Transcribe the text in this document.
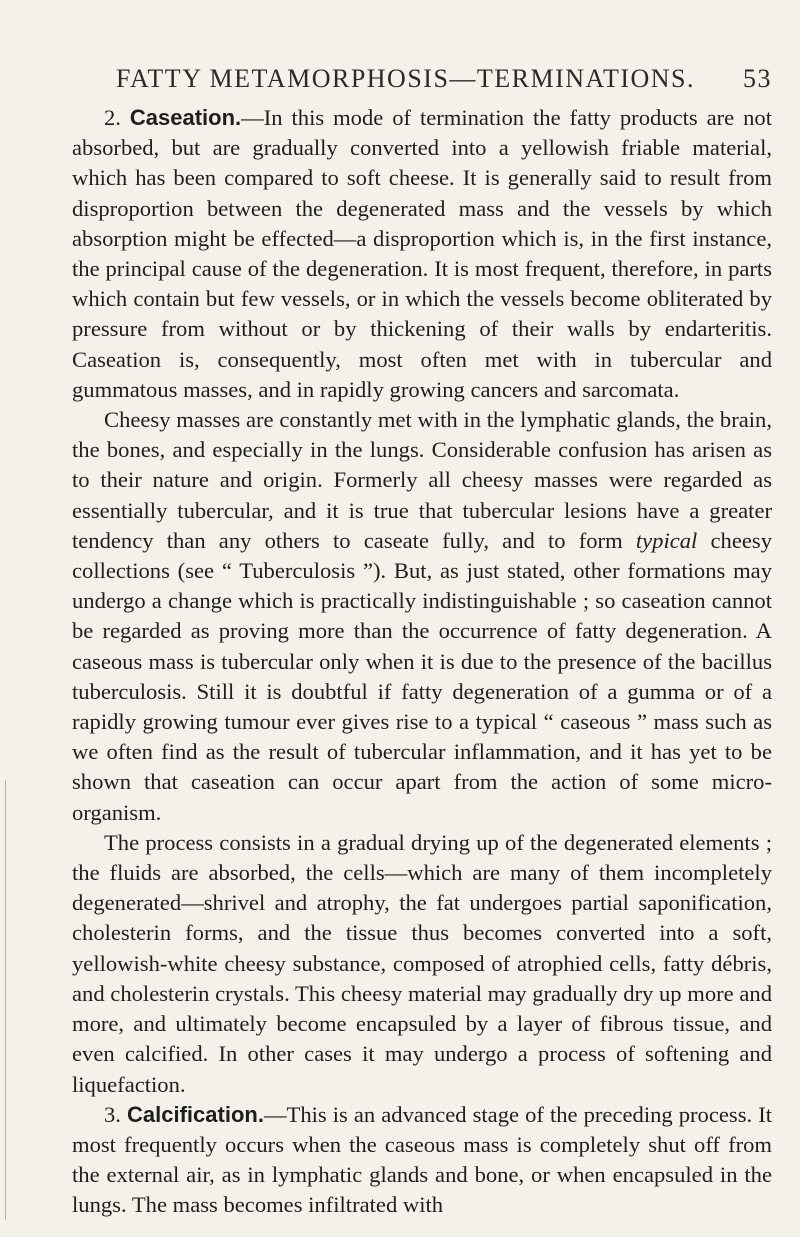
FATTY METAMORPHOSIS—TERMINATIONS. 53

2. Caseation.—In this mode of termination the fatty products are not absorbed, but are gradually converted into a yellowish friable material, which has been compared to soft cheese. It is generally said to result from disproportion between the degenerated mass and the vessels by which absorption might be effected—a disproportion which is, in the first instance, the principal cause of the degeneration. It is most frequent, therefore, in parts which contain but few vessels, or in which the vessels become obliterated by pressure from without or by thickening of their walls by endarteritis. Caseation is, consequently, most often met with in tubercular and gummatous masses, and in rapidly growing cancers and sarcomata.

Cheesy masses are constantly met with in the lymphatic glands, the brain, the bones, and especially in the lungs. Considerable confusion has arisen as to their nature and origin. Formerly all cheesy masses were regarded as essentially tubercular, and it is true that tubercular lesions have a greater tendency than any others to caseate fully, and to form typical cheesy collections (see “ Tuberculosis ”). But, as just stated, other formations may undergo a change which is practically indistinguishable ; so caseation cannot be regarded as proving more than the occurrence of fatty degeneration. A caseous mass is tubercular only when it is due to the presence of the bacillus tuberculosis. Still it is doubtful if fatty degeneration of a gumma or of a rapidly growing tumour ever gives rise to a typical “ caseous ” mass such as we often find as the result of tubercular inflammation, and it has yet to be shown that caseation can occur apart from the action of some micro-organism.

The process consists in a gradual drying up of the degenerated elements ; the fluids are absorbed, the cells—which are many of them incompletely degenerated—shrivel and atrophy, the fat undergoes partial saponification, cholesterin forms, and the tissue thus becomes converted into a soft, yellowish-white cheesy substance, composed of atrophied cells, fatty débris, and cholesterin crystals. This cheesy material may gradually dry up more and more, and ultimately become encapsuled by a layer of fibrous tissue, and even calcified. In other cases it may undergo a process of softening and liquefaction.

3. Calcification.—This is an advanced stage of the preceding process. It most frequently occurs when the caseous mass is completely shut off from the external air, as in lymphatic glands and bone, or when encapsuled in the lungs. The mass becomes infiltrated with
